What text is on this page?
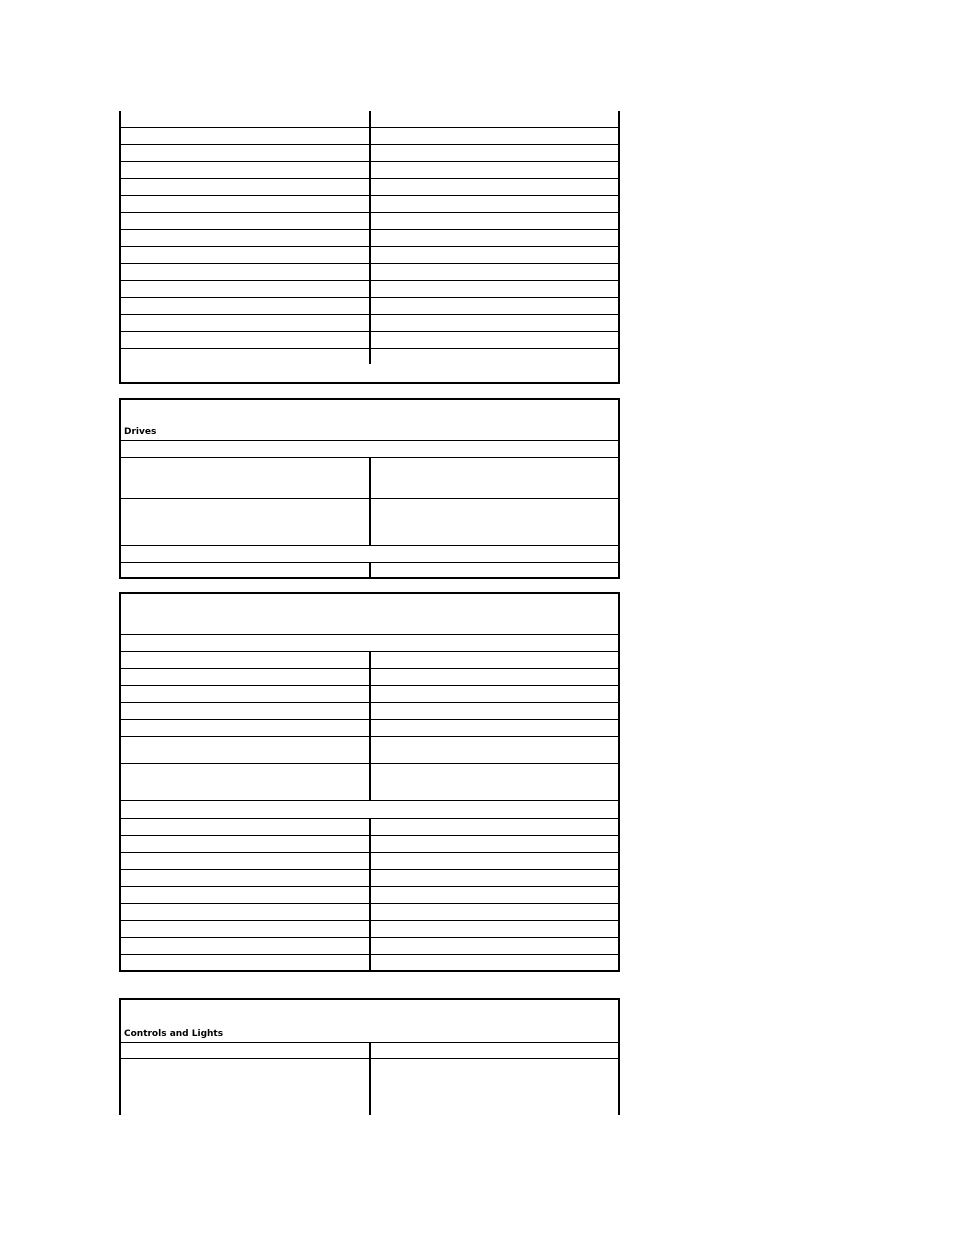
Drives
Controls and Lights
